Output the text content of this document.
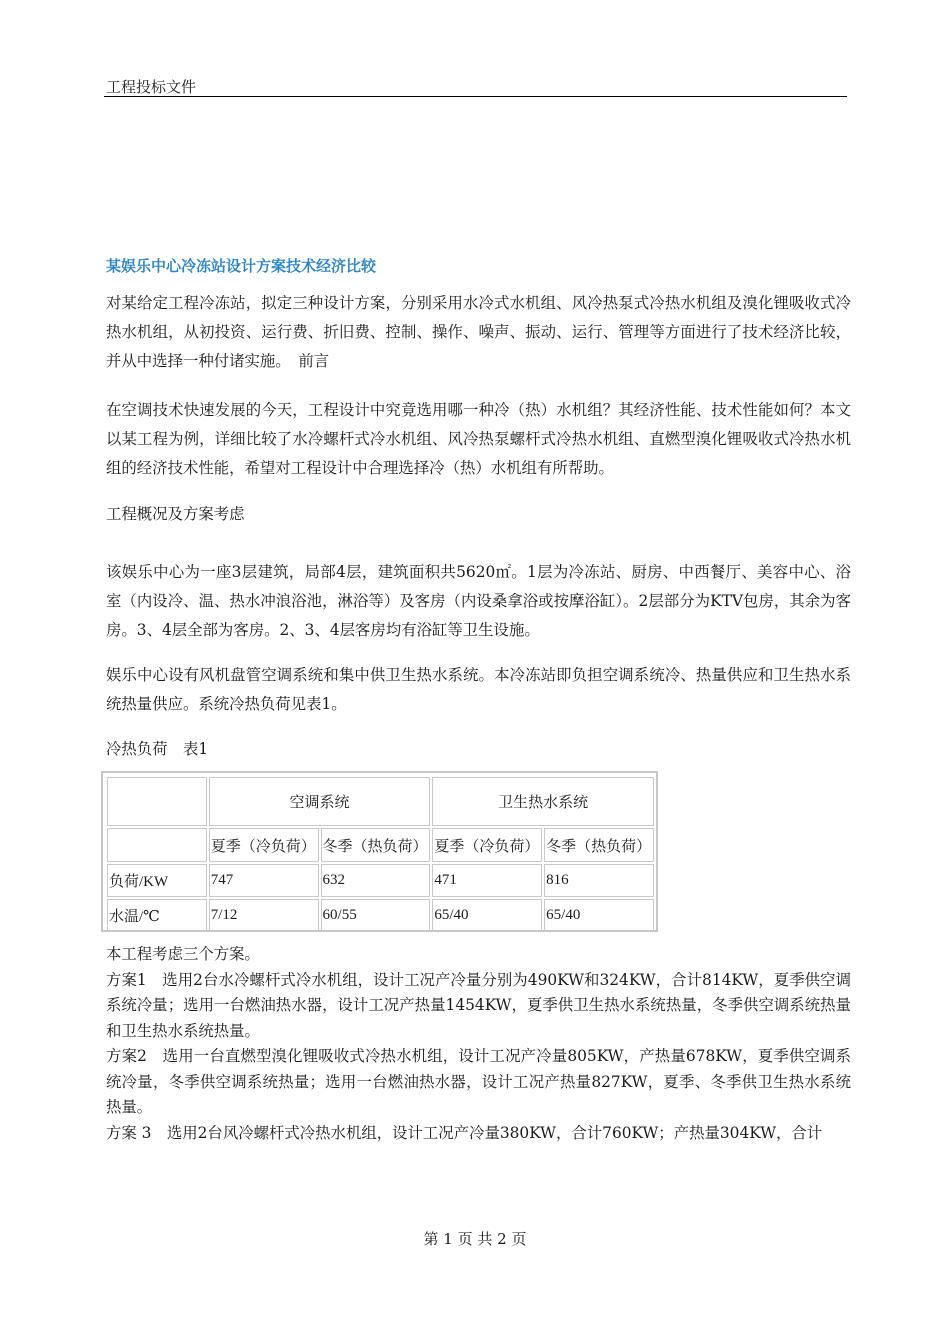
工程投标文件
某娱乐中心冷冻站设计方案技术经济比较
对某给定工程冷冻站，拟定三种设计方案，分别采用水冷式水机组、风冷热泵式冷热水机组及溴化锂吸收式冷热水机组，从初投资、运行费、折旧费、控制、操作、噪声、振动、运行、管理等方面进行了技术经济比较，并从中选择一种付诸实施。　前言
在空调技术快速发展的今天，工程设计中究竟选用哪一种冷（热）水机组？其经济性能、技术性能如何？本文以某工程为例，详细比较了水冷螺杆式冷水机组、风冷热泵螺杆式冷热水机组、直燃型溴化锂吸收式冷热水机组的经济技术性能，希望对工程设计中合理选择冷（热）水机组有所帮助。
工程概况及方案考虑
该娱乐中心为一座3层建筑，局部4层，建筑面积共5620㎡。1层为冷冻站、厨房、中西餐厅、美容中心、浴室（内设冷、温、热水冲浪浴池，淋浴等）及客房（内设桑拿浴或按摩浴缸）。2层部分为KTV包房，其余为客房。3、4层全部为客房。2、3、4层客房均有浴缸等卫生设施。
娱乐中心设有风机盘管空调系统和集中供卫生热水系统。本冷冻站即负担空调系统冷、热量供应和卫生热水系统热量供应。系统冷热负荷见表1。
冷热负荷　表1
	空调系统		卫生热水系统	
	夏季（冷负荷）	冬季（热负荷）	夏季（冷负荷）	冬季（热负荷）
负荷/KW	747	632	471	816
水温/℃	7/12	60/55	65/40	65/40
本工程考虑三个方案。
方案1　选用2台水冷螺杆式冷水机组，设计工况产冷量分别为490KW和324KW，合计814KW，夏季供空调系统冷量；选用一台燃油热水器，设计工况产热量1454KW，夏季供卫生热水系统热量，冬季供空调系统热量和卫生热水系统热量。
方案2　选用一台直燃型溴化锂吸收式冷热水机组，设计工况产冷量805KW，产热量678KW，夏季供空调系统冷量，冬季供空调系统热量；选用一台燃油热水器，设计工况产热量827KW，夏季、冬季供卫生热水系统热量。
方案 3　选用2台风冷螺杆式冷热水机组，设计工况产冷量380KW，合计760KW；产热量304KW，合计
第 1 页 共 2 页
